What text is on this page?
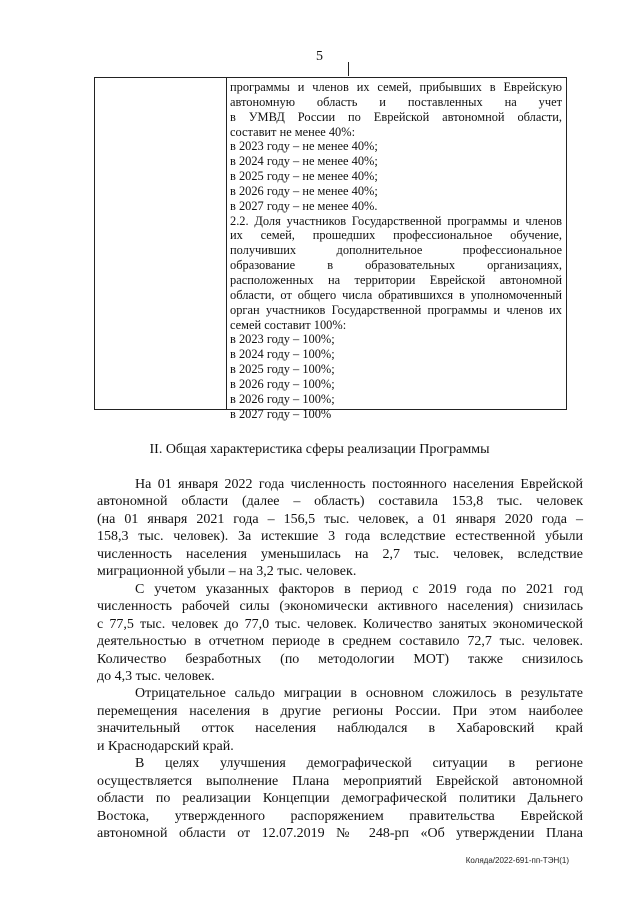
5
программы и членов их семей, прибывших в Еврейскую
автономную область и поставленных на учет
в УМВД России по Еврейской автономной области,
составит не менее 40%:
в 2023 году – не менее 40%;
в 2024 году – не менее 40%;
в 2025 году – не менее 40%;
в 2026 году – не менее 40%;
в 2027 году – не менее 40%.
2.2. Доля участников Государственной программы и членов
их семей, прошедших профессиональное обучение,
получивших дополнительное профессиональное
образование в образовательных организациях,
расположенных на территории Еврейской автономной
области, от общего числа обратившихся в уполномоченный
орган участников Государственной программы и членов их
семей составит 100%:
в 2023 году – 100%;
в 2024 году – 100%;
в 2025 году – 100%;
в 2026 году – 100%;
в 2026 году – 100%;
в 2027 году – 100%
II. Общая характеристика сферы реализации Программы
На 01 января 2022 года численность постоянного населения Еврейской
автономной области (далее – область) составила 153,8 тыс. человек
(на 01 января 2021 года – 156,5 тыс. человек, а 01 января 2020 года –
158,3 тыс. человек). За истекшие 3 года вследствие естественной убыли
численность населения уменьшилась на 2,7 тыс. человек, вследствие
миграционной убыли – на 3,2 тыс. человек.
С учетом указанных факторов в период с 2019 года по 2021 год
численность рабочей силы (экономически активного населения) снизилась
с 77,5 тыс. человек до 77,0 тыс. человек. Количество занятых экономической
деятельностью в отчетном периоде в среднем составило 72,7 тыс. человек.
Количество безработных (по методологии МОТ) также снизилось
до 4,3 тыс. человек.
Отрицательное сальдо миграции в основном сложилось в результате
перемещения населения в другие регионы России. При этом наиболее
значительный отток населения наблюдался в Хабаровский край
и Краснодарский край.
В целях улучшения демографической ситуации в регионе
осуществляется выполнение Плана мероприятий Еврейской автономной
области по реализации Концепции демографической политики Дальнего
Востока, утвержденного распоряжением правительства Еврейской
автономной области от 12.07.2019 № 248-рп «Об утверждении Плана
Коляда/2022-691-пп-ТЭН(1)
